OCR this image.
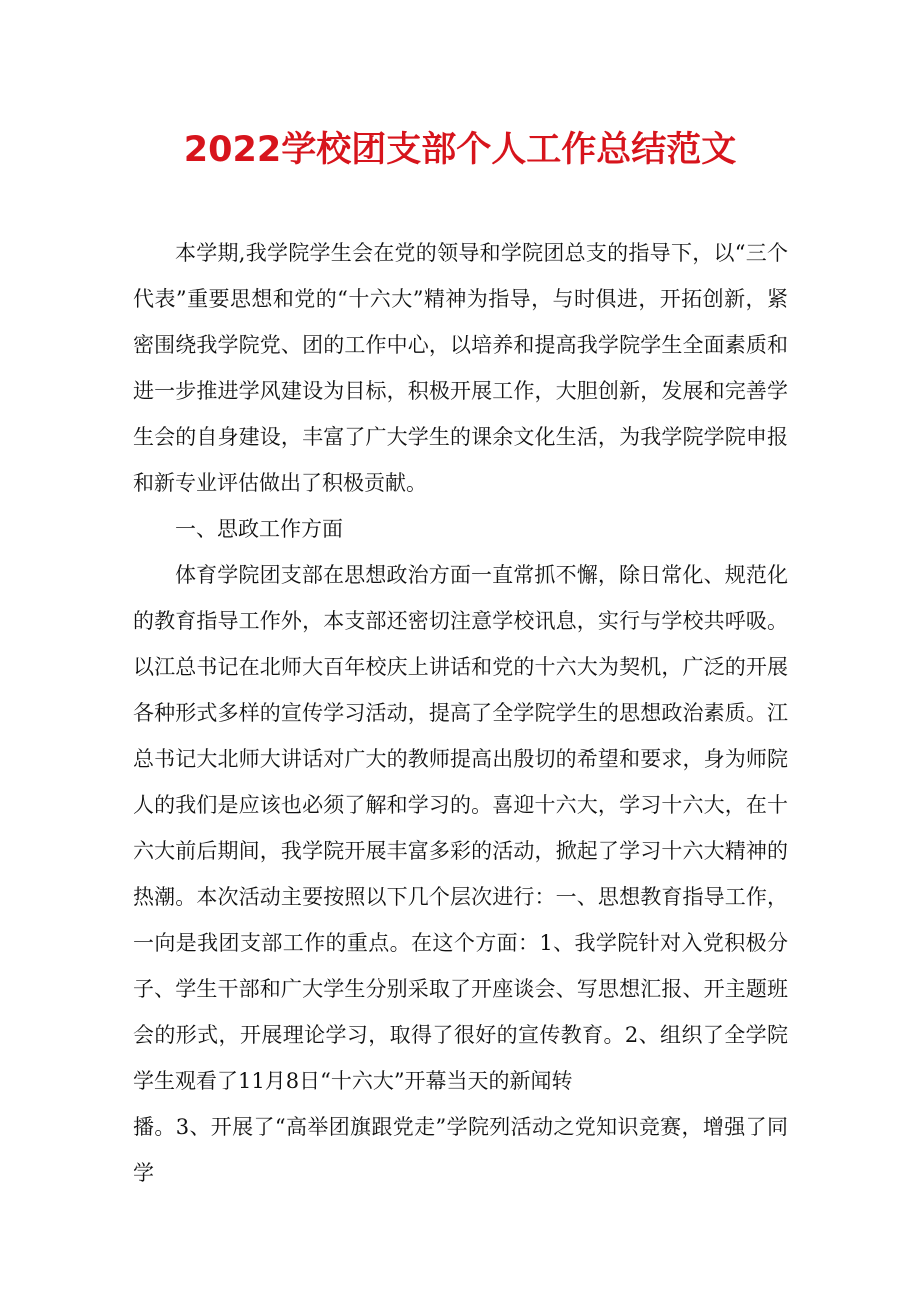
2022学校团支部个人工作总结范文

本学期,我学院学生会在党的领导和学院团总支的指导下，以“三个代表”重要思想和党的“十六大”精神为指导，与时俱进，开拓创新，紧密围绕我学院党、团的工作中心，以培养和提高我学院学生全面素质和进一步推进学风建设为目标，积极开展工作，大胆创新，发展和完善学生会的自身建设，丰富了广大学生的课余文化生活，为我学院学院申报和新专业评估做出了积极贡献。

一、思政工作方面

体育学院团支部在思想政治方面一直常抓不懈，除日常化、规范化的教育指导工作外，本支部还密切注意学校讯息，实行与学校共呼吸。以江总书记在北师大百年校庆上讲话和党的十六大为契机，广泛的开展各种形式多样的宣传学习活动，提高了全学院学生的思想政治素质。江总书记大北师大讲话对广大的教师提高出殷切的希望和要求，身为师院人的我们是应该也必须了解和学习的。喜迎十六大，学习十六大，在十六大前后期间，我学院开展丰富多彩的活动，掀起了学习十六大精神的热潮。本次活动主要按照以下几个层次进行：一、思想教育指导工作，一向是我团支部工作的重点。在这个方面：1、我学院针对入党积极分子、学生干部和广大学生分别采取了开座谈会、写思想汇报、开主题班会的形式，开展理论学习，取得了很好的宣传教育。2、组织了全学院学生观看了11月8日“十六大”开幕当天的新闻转

播。3、开展了“高举团旗跟党走”学院列活动之党知识竞赛，增强了同学
